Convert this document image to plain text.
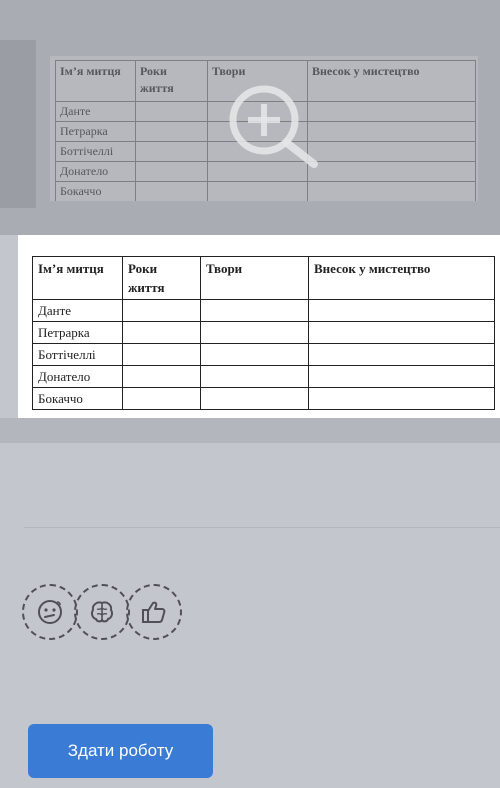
Ім’я митця	Роки життя	Твори	Внесок у мистецтво
Данте			
Петрарка			
Боттічеллі			
Донатело			
Бокаччо			
Ім’я митця	Роки життя	Твори	Внесок у мистецтво
Данте			
Петрарка			
Боттічеллі			
Донатело			
Бокаччо			
Здати роботу
